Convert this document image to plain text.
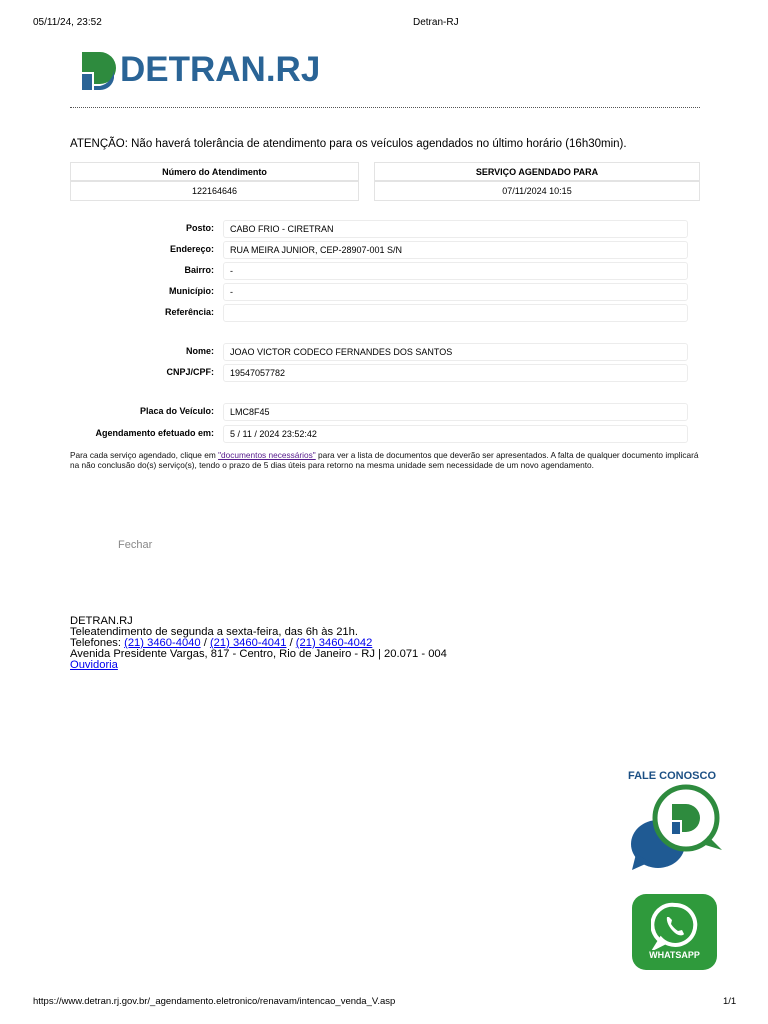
05/11/24, 23:52	Detran-RJ
DETRAN.RJ
ATENÇÃO: Não haverá tolerância de atendimento para os veículos agendados no último horário (16h30min).
Número do Atendimento
122164646
SERVIÇO AGENDADO PARA
07/11/2024 10:15
Posto:	CABO FRIO - CIRETRAN
Endereço:	RUA MEIRA JUNIOR, CEP-28907-001 S/N
Bairro:	-
Município:	-
Referência:
Nome:	JOAO VICTOR CODECO FERNANDES DOS SANTOS
CNPJ/CPF:	19547057782
Placa do Veículo:	LMC8F45
Agendamento efetuado em:	5 / 11 / 2024 23:52:42
Para cada serviço agendado, clique em "documentos necessários" para ver a lista de documentos que deverão ser apresentados. A falta de qualquer documento implicará na não conclusão do(s) serviço(s), tendo o prazo de 5 dias úteis para retorno na mesma unidade sem necessidade de um novo agendamento.
Fechar
DETRAN.RJ
Teleatendimento de segunda a sexta-feira, das 6h às 21h.
Telefones: (21) 3460-4040 / (21) 3460-4041 / (21) 3460-4042
Avenida Presidente Vargas, 817 - Centro, Rio de Janeiro - RJ | 20.071 - 004
Ouvidoria
FALE CONOSCO
WHATSAPP
https://www.detran.rj.gov.br/_agendamento.eletronico/renavam/intencao_venda_V.asp	1/1
